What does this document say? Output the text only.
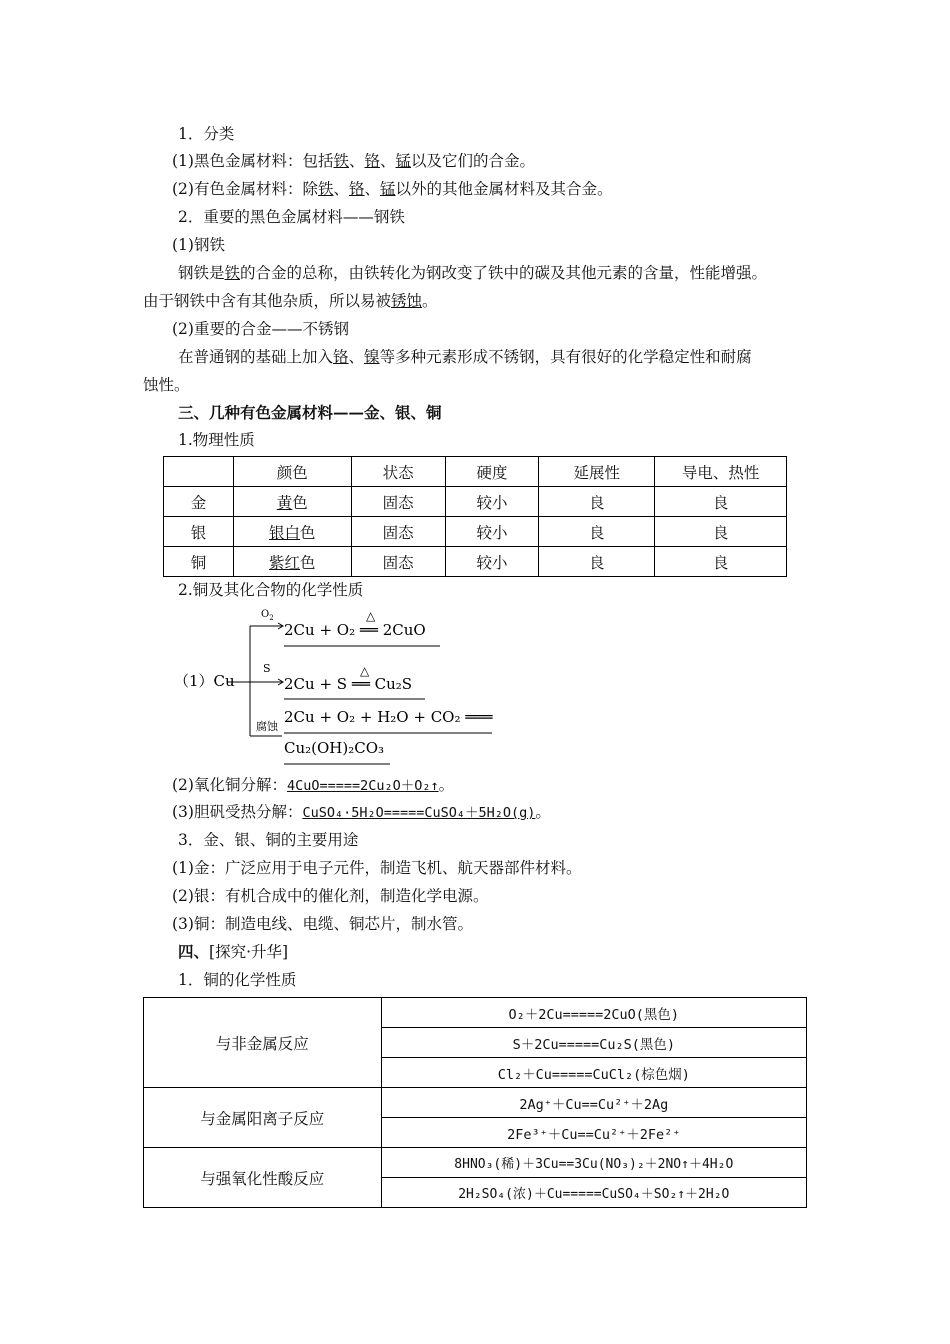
1．分类
(1)黑色金属材料：包括铁、铬、锰以及它们的合金。
(2)有色金属材料：除铁、铬、锰以外的其他金属材料及其合金。
2．重要的黑色金属材料——钢铁
(1)钢铁
钢铁是铁的合金的总称，由铁转化为钢改变了铁中的碳及其他元素的含量，性能增强。
由于钢铁中含有其他杂质，所以易被锈蚀。
(2)重要的合金——不锈钢
在普通钢的基础上加入铬、镍等多种元素形成不锈钢，具有很好的化学稳定性和耐腐
蚀性。
三、几种有色金属材料——金、银、铜
1.物理性质
	颜色	状态	硬度	延展性	导电、热性
金	黄色	固态	较小	良	良
银	银白色	固态	较小	良	良
铜	紫红色	固态	较小	良	良
2.铜及其化合物的化学性质
（1）Cu
$O_2$
S
腐蚀
△
2Cu + O₂ ══ 2CuO
△
2Cu + S ══ Cu₂S
2Cu + O₂ + H₂O + CO₂ ═══
Cu₂(OH)₂CO₃
(2)氧化铜分解：4CuO=====2Cu₂O＋O₂↑。
(3)胆矾受热分解：CuSO₄·5H₂O=====CuSO₄＋5H₂O(g)。
3．金、银、铜的主要用途
(1)金：广泛应用于电子元件，制造飞机、航天器部件材料。
(2)银：有机合成中的催化剂，制造化学电源。
(3)铜：制造电线、电缆、铜芯片，制水管。
四、[探究·升华]
1．铜的化学性质
与非金属反应	O₂＋2Cu=====2CuO(黑色)
	S＋2Cu=====Cu₂S(黑色)
	Cl₂＋Cu=====CuCl₂(棕色烟)
与金属阳离子反应	2Ag⁺＋Cu==Cu²⁺＋2Ag
	2Fe³⁺＋Cu==Cu²⁺＋2Fe²⁺
与强氧化性酸反应	8HNO₃(稀)＋3Cu==3Cu(NO₃)₂＋2NO↑＋4H₂O
	2H₂SO₄(浓)＋Cu=====CuSO₄＋SO₂↑＋2H₂O
